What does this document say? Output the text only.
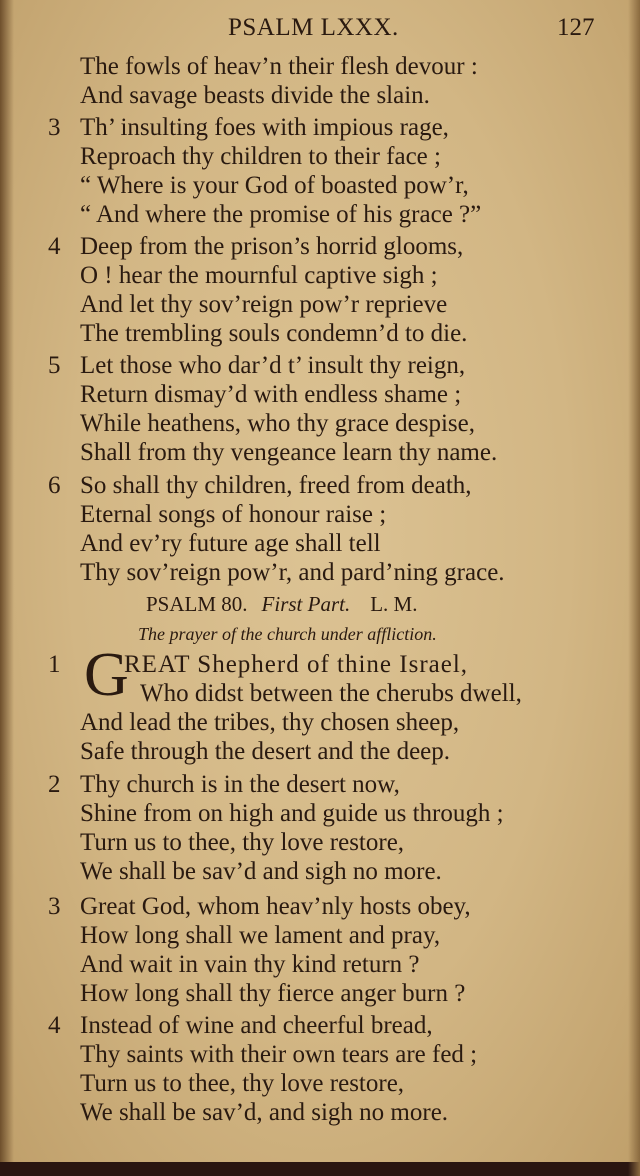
PSALM LXXX.	127
The fowls of heav’n their flesh devour :
And savage beasts divide the slain.
3 Th’ insulting foes with impious rage,
Reproach thy children to their face ;
“ Where is your God of boasted pow’r,
“ And where the promise of his grace ?”
4 Deep from the prison’s horrid glooms,
O ! hear the mournful captive sigh ;
And let thy sov’reign pow’r reprieve
The trembling souls condemn’d to die.
5 Let those who dar’d t’ insult thy reign,
Return dismay’d with endless shame ;
While heathens, who thy grace despise,
Shall from thy vengeance learn thy name.
6 So shall thy children, freed from death,
Eternal songs of honour raise ;
And ev’ry future age shall tell
Thy sov’reign pow’r, and pard’ning grace.
PSALM 80. First Part. L. M.
The prayer of the church under affliction.
1 G
REAT Shepherd of thine Israel,
Who didst between the cherubs dwell,
And lead the tribes, thy chosen sheep,
Safe through the desert and the deep.
2 Thy church is in the desert now,
Shine from on high and guide us through ;
Turn us to thee, thy love restore,
We shall be sav’d and sigh no more.
3 Great God, whom heav’nly hosts obey,
How long shall we lament and pray,
And wait in vain thy kind return ?
How long shall thy fierce anger burn ?
4 Instead of wine and cheerful bread,
Thy saints with their own tears are fed ;
Turn us to thee, thy love restore,
We shall be sav’d, and sigh no more.
